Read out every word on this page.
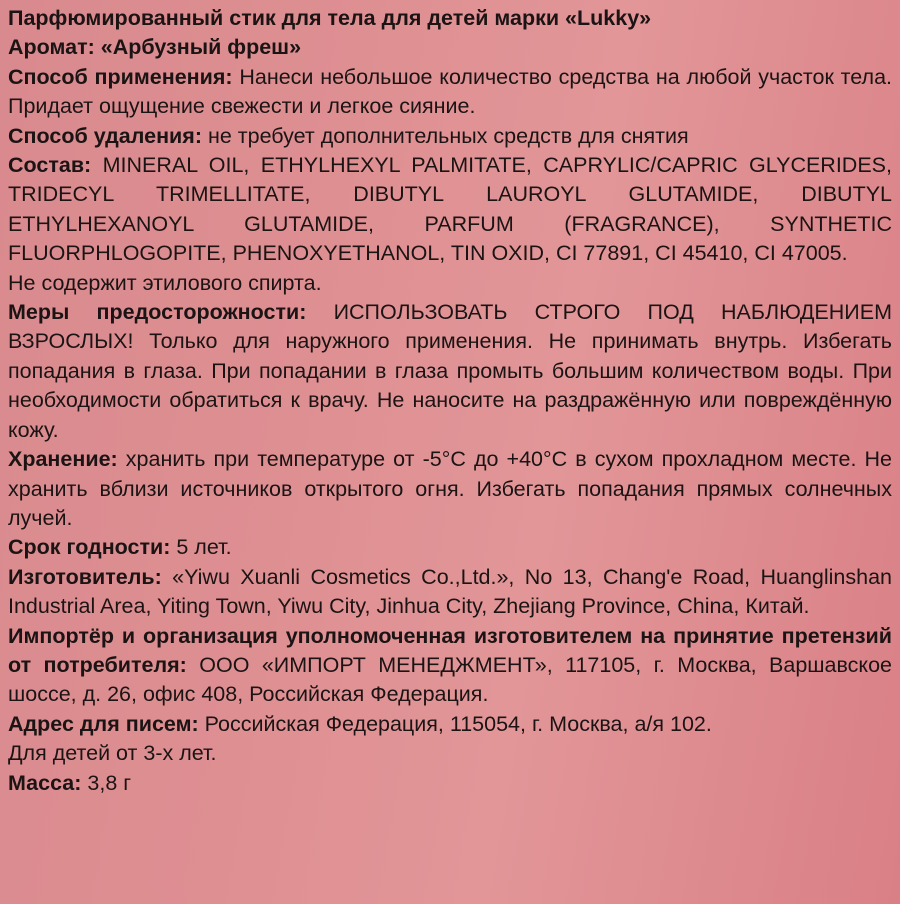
Парфюмированный стик для тела для детей марки «Lukky»

Аромат: «Арбузный фреш»

Способ применения: Нанеси небольшое количество средства на любой участок тела. Придает ощущение свежести и легкое сияние.

Способ удаления: не требует дополнительных средств для снятия

Состав: MINERAL OIL, ETHYLHEXYL PALMITATE, CAPRYLIC/CAPRIC GLYCERIDES, TRIDECYL TRIMELLITATE, DIBUTYL LAUROYL GLUTAMIDE, DIBUTYL ETHYLHEXANOYL GLUTAMIDE, PARFUM (FRAGRANCE), SYNTHETIC FLUORPHLOGOPITE, PHENOXYETHANOL, TIN OXID, CI 77891, CI 45410, CI 47005.

Не содержит этилового спирта.

Меры предосторожности: ИСПОЛЬЗОВАТЬ СТРОГО ПОД НАБЛЮДЕНИЕМ ВЗРОСЛЫХ! Только для наружного применения. Не принимать внутрь. Избегать попадания в глаза. При попадании в глаза промыть большим количеством воды. При необходимости обратиться к врачу. Не наносите на раздражённую или повреждённую кожу.

Хранение: хранить при температуре от -5°С до +40°С в сухом прохладном месте. Не хранить вблизи источников открытого огня. Избегать попадания прямых солнечных лучей.

Срок годности: 5 лет.

Изготовитель: «Yiwu Xuanli Cosmetics Co.,Ltd.», No 13, Chang'e Road, Huanglinshan Industrial Area, Yiting Town, Yiwu City, Jinhua City, Zhejiang Province, China, Китай.

Импортёр и организация уполномоченная изготовителем на принятие претензий от потребителя: ООО «ИМПОРТ МЕНЕДЖМЕНТ», 117105, г. Москва, Варшавское шоссе, д. 26, офис 408, Российская Федерация.

Адрес для писем: Российская Федерация, 115054, г. Москва, а/я 102.

Для детей от 3-х лет.

Масса: 3,8 г
